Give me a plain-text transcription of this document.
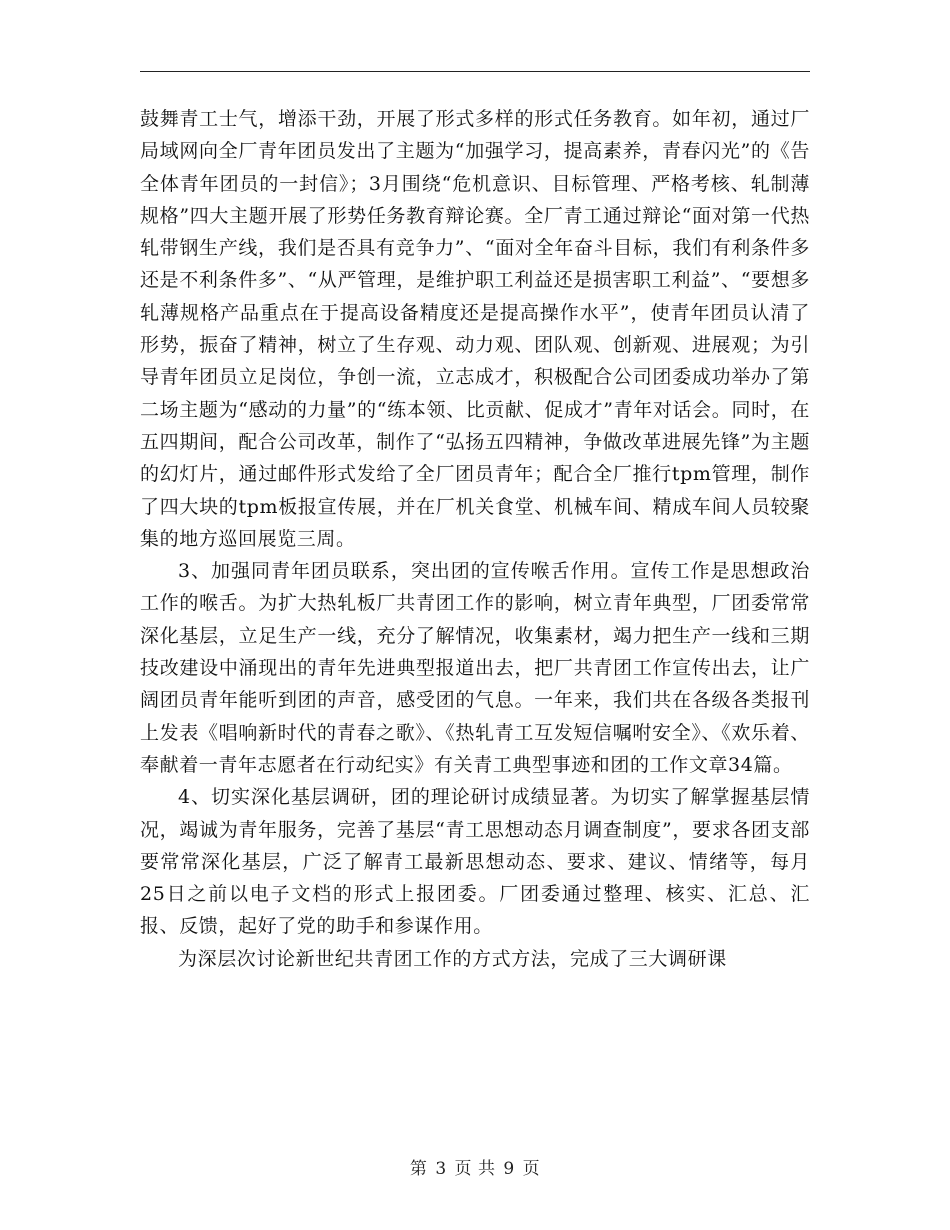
鼓舞青工士气，增添干劲，开展了形式多样的形式任务教育。如年初，通过厂局域网向全厂青年团员发出了主题为“加强学习，提高素养，青春闪光”的《告全体青年团员的一封信》；3月围绕“危机意识、目标管理、严格考核、轧制薄规格”四大主题开展了形势任务教育辩论赛。全厂青工通过辩论“面对第一代热轧带钢生产线，我们是否具有竞争力”、“面对全年奋斗目标，我们有利条件多还是不利条件多”、“从严管理，是维护职工利益还是损害职工利益”、“要想多轧薄规格产品重点在于提高设备精度还是提高操作水平”，使青年团员认清了形势，振奋了精神，树立了生存观、动力观、团队观、创新观、进展观；为引导青年团员立足岗位，争创一流，立志成才，积极配合公司团委成功举办了第二场主题为“感动的力量”的“练本领、比贡献、促成才”青年对话会。同时，在五四期间，配合公司改革，制作了“弘扬五四精神，争做改革进展先锋”为主题的幻灯片，通过邮件形式发给了全厂团员青年；配合全厂推行tpm管理，制作了四大块的tpm板报宣传展，并在厂机关食堂、机械车间、精成车间人员较聚集的地方巡回展览三周。

3、加强同青年团员联系，突出团的宣传喉舌作用。宣传工作是思想政治工作的喉舌。为扩大热轧板厂共青团工作的影响，树立青年典型，厂团委常常深化基层，立足生产一线，充分了解情况，收集素材，竭力把生产一线和三期技改建设中涌现出的青年先进典型报道出去，把厂共青团工作宣传出去，让广阔团员青年能听到团的声音，感受团的气息。一年来，我们共在各级各类报刊上发表《唱响新时代的青春之歌》、《热轧青工互发短信嘱咐安全》、《欢乐着、奉献着一青年志愿者在行动纪实》有关青工典型事迹和团的工作文章34篇。

4、切实深化基层调研，团的理论研讨成绩显著。为切实了解掌握基层情况，竭诚为青年服务，完善了基层“青工思想动态月调查制度”，要求各团支部要常常深化基层，广泛了解青工最新思想动态、要求、建议、情绪等，每月25日之前以电子文档的形式上报团委。厂团委通过整理、核实、汇总、汇报、反馈，起好了党的助手和参谋作用。

为深层次讨论新世纪共青团工作的方式方法，完成了三大调研课

第 3 页 共 9 页
